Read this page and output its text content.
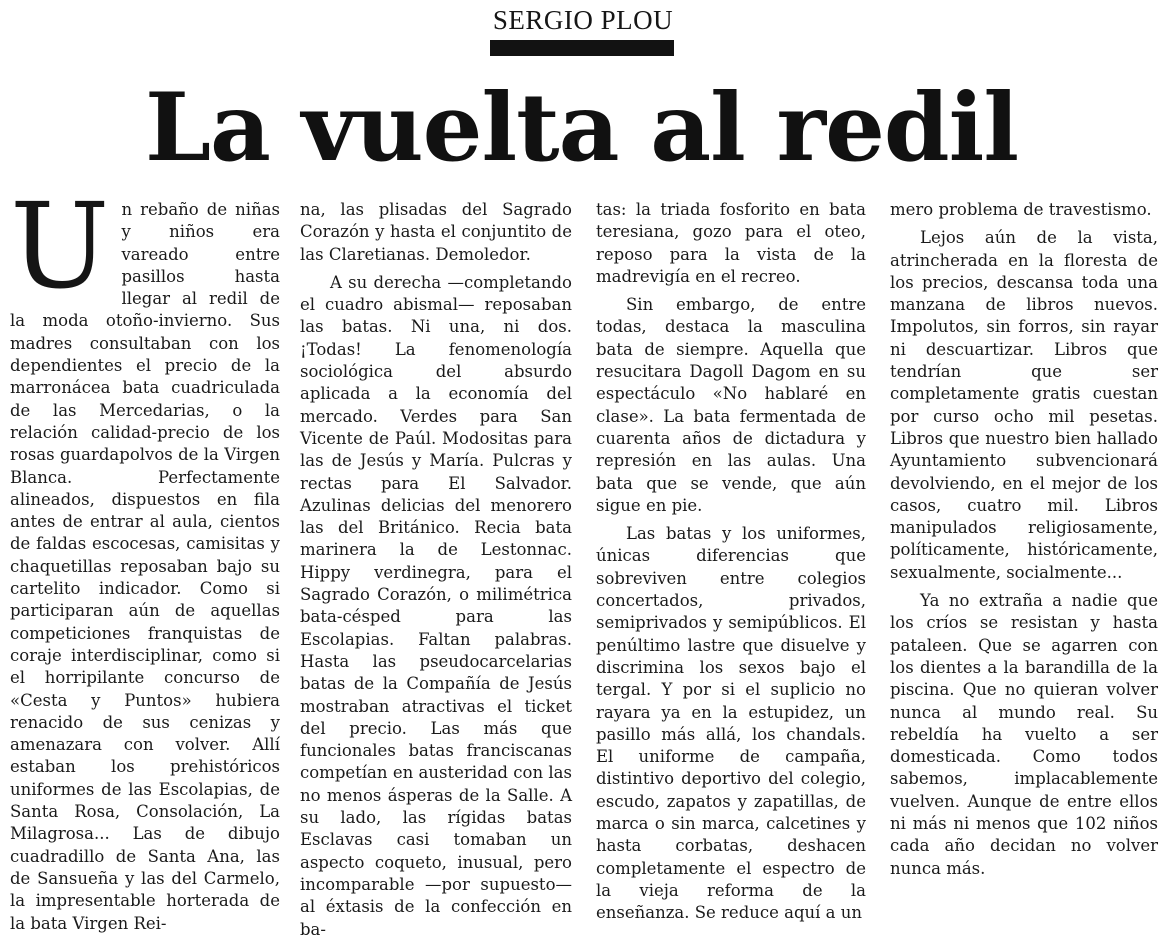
SERGIO PLOU
La vuelta al redil
U n rebaño de niñas y niños era vareado entre pasillos hasta llegar al redil de la moda otoño-invierno. Sus madres consultaban con los dependientes el precio de la marronácea bata cuadriculada de las Mercedarias, o la relación calidad-precio de los rosas guardapolvos de la Virgen Blanca. Perfectamente alineados, dispuestos en fila antes de entrar al aula, cientos de faldas escocesas, camisitas y chaquetillas reposaban bajo su cartelito indicador. Como si participaran aún de aquellas competiciones franquistas de coraje interdisciplinar, como si el horripilante concurso de «Cesta y Puntos» hubiera renacido de sus cenizas y amenazara con volver. Allí estaban los prehistóricos uniformes de las Escolapias, de Santa Rosa, Consolación, La Milagrosa... Las de dibujo cuadradillo de Santa Ana, las de Sansueña y las del Carmelo, la impresentable horterada de la bata Virgen Rei-

na, las plisadas del Sagrado Corazón y hasta el conjuntito de las Claretianas. Demoledor.

A su derecha —completando el cuadro abismal— reposaban las batas. Ni una, ni dos. ¡Todas! La fenomenología sociológica del absurdo aplicada a la economía del mercado. Verdes para San Vicente de Paúl. Modositas para las de Jesús y María. Pulcras y rectas para El Salvador. Azulinas delicias del menorero las del Británico. Recia bata marinera la de Lestonnac. Hippy verdinegra, para el Sagrado Corazón, o milimétrica bata-césped para las Escolapias. Faltan palabras. Hasta las pseudocarcelarias batas de la Compañía de Jesús mostraban atractivas el ticket del precio. Las más que funcionales batas franciscanas competían en austeridad con las no menos ásperas de la Salle. A su lado, las rígidas batas Esclavas casi tomaban un aspecto coqueto, inusual, pero incomparable —por supuesto— al éxtasis de la confección en ba-

tas: la triada fosforito en bata teresiana, gozo para el oteo, reposo para la vista de la madrevigía en el recreo.

Sin embargo, de entre todas, destaca la masculina bata de siempre. Aquella que resucitara Dagoll Dagom en su espectáculo «No hablaré en clase». La bata fermentada de cuarenta años de dictadura y represión en las aulas. Una bata que se vende, que aún sigue en pie.

Las batas y los uniformes, únicas diferencias que sobreviven entre colegios concertados, privados, semiprivados y semipúblicos. El penúltimo lastre que disuelve y discrimina los sexos bajo el tergal. Y por si el suplicio no rayara ya en la estupidez, un pasillo más allá, los chandals. El uniforme de campaña, distintivo deportivo del colegio, escudo, zapatos y zapatillas, de marca o sin marca, calcetines y hasta corbatas, deshacen completamente el espectro de la vieja reforma de la enseñanza. Se reduce aquí a un

mero problema de travestismo.

Lejos aún de la vista, atrincherada en la floresta de los precios, descansa toda una manzana de libros nuevos. Impolutos, sin forros, sin rayar ni descuartizar. Libros que tendrían que ser completamente gratis cuestan por curso ocho mil pesetas. Libros que nuestro bien hallado Ayuntamiento subvencionará devolviendo, en el mejor de los casos, cuatro mil. Libros manipulados religiosamente, políticamente, históricamente, sexualmente, socialmente...

Ya no extraña a nadie que los críos se resistan y hasta pataleen. Que se agarren con los dientes a la barandilla de la piscina. Que no quieran volver nunca al mundo real. Su rebeldía ha vuelto a ser domesticada. Como todos sabemos, implacablemente vuelven. Aunque de entre ellos ni más ni menos que 102 niños cada año decidan no volver nunca más.
